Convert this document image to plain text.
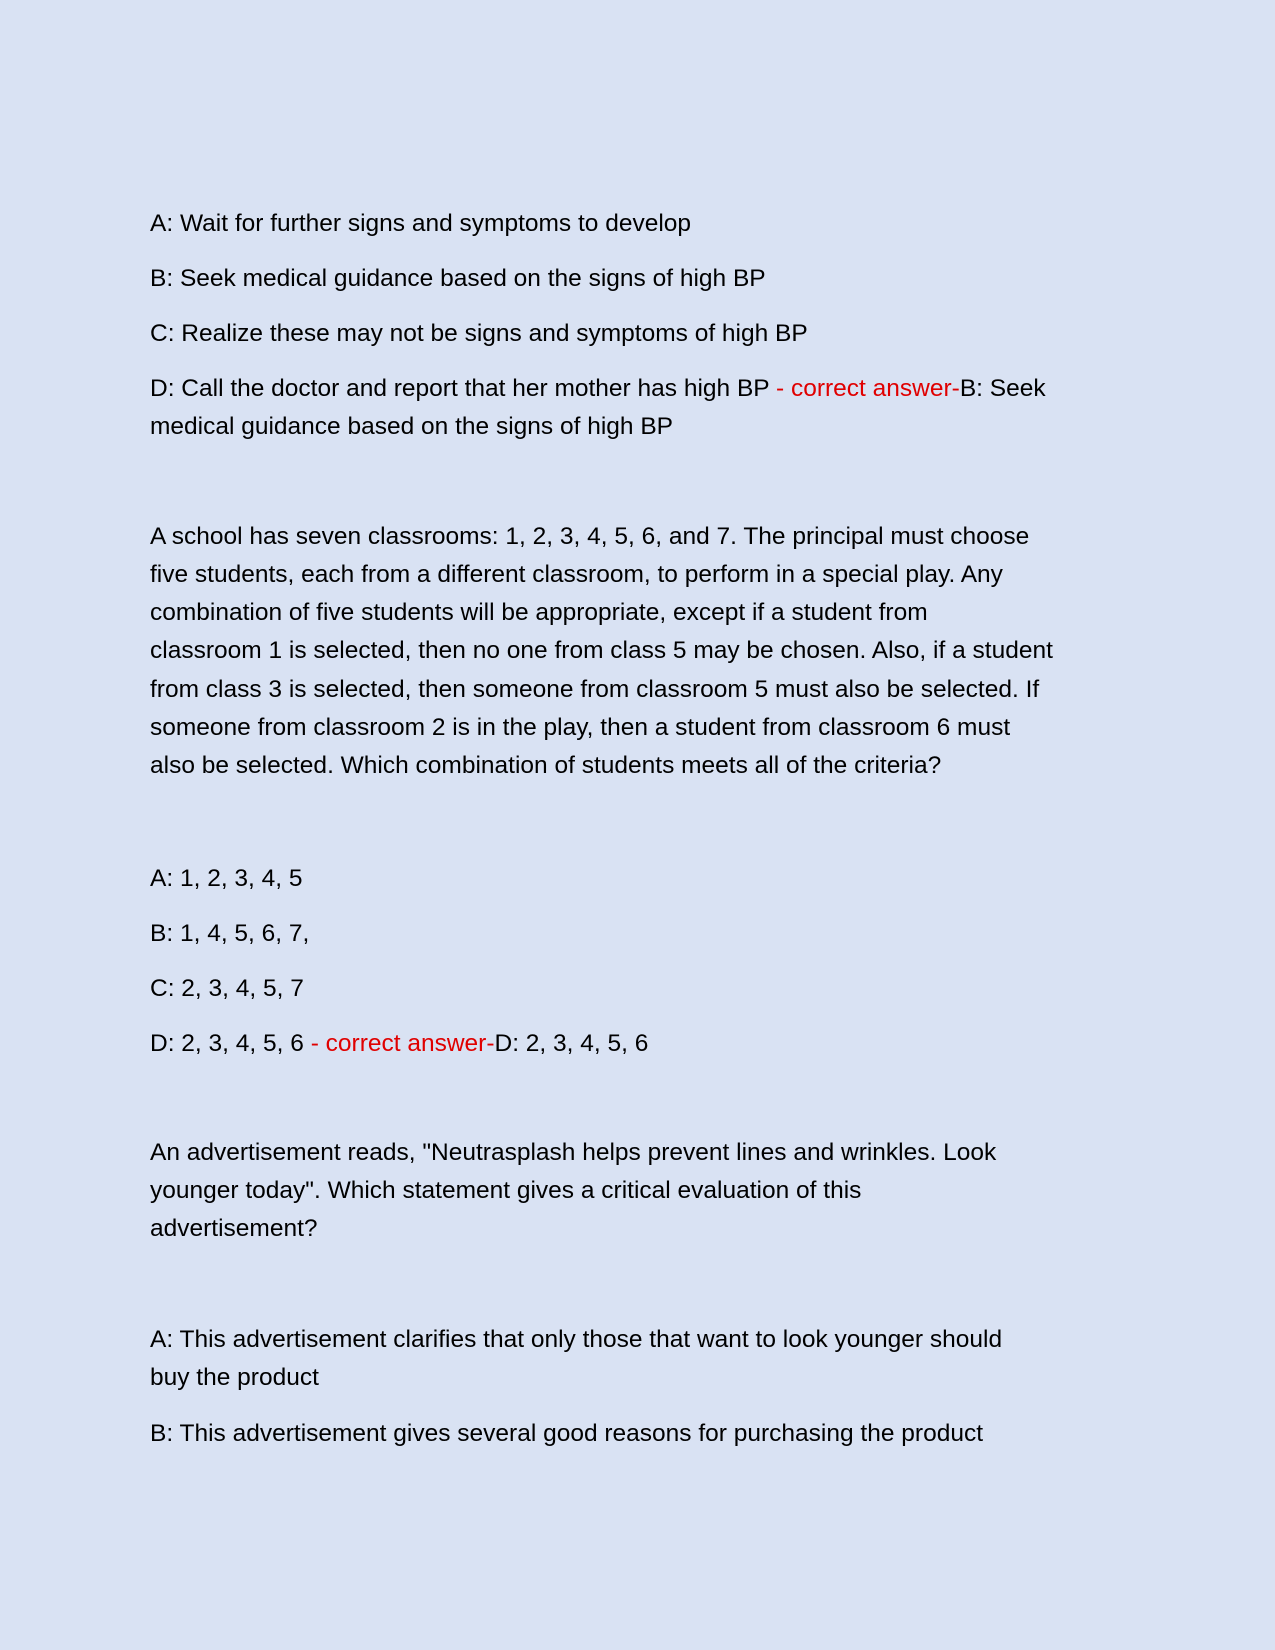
A: Wait for further signs and symptoms to develop
B: Seek medical guidance based on the signs of high BP
C: Realize these may not be signs and symptoms of high BP
D: Call the doctor and report that her mother has high BP - correct answer-B: Seek
medical guidance based on the signs of high BP
A school has seven classrooms: 1, 2, 3, 4, 5, 6, and 7. The principal must choose
five students, each from a different classroom, to perform in a special play. Any
combination of five students will be appropriate, except if a student from
classroom 1 is selected, then no one from class 5 may be chosen. Also, if a student
from class 3 is selected, then someone from classroom 5 must also be selected. If
someone from classroom 2 is in the play, then a student from classroom 6 must
also be selected. Which combination of students meets all of the criteria?
A: 1, 2, 3, 4, 5
B: 1, 4, 5, 6, 7,
C: 2, 3, 4, 5, 7
D: 2, 3, 4, 5, 6 - correct answer-D: 2, 3, 4, 5, 6
An advertisement reads, "Neutrasplash helps prevent lines and wrinkles. Look
younger today". Which statement gives a critical evaluation of this
advertisement?
A: This advertisement clarifies that only those that want to look younger should
buy the product
B: This advertisement gives several good reasons for purchasing the product
